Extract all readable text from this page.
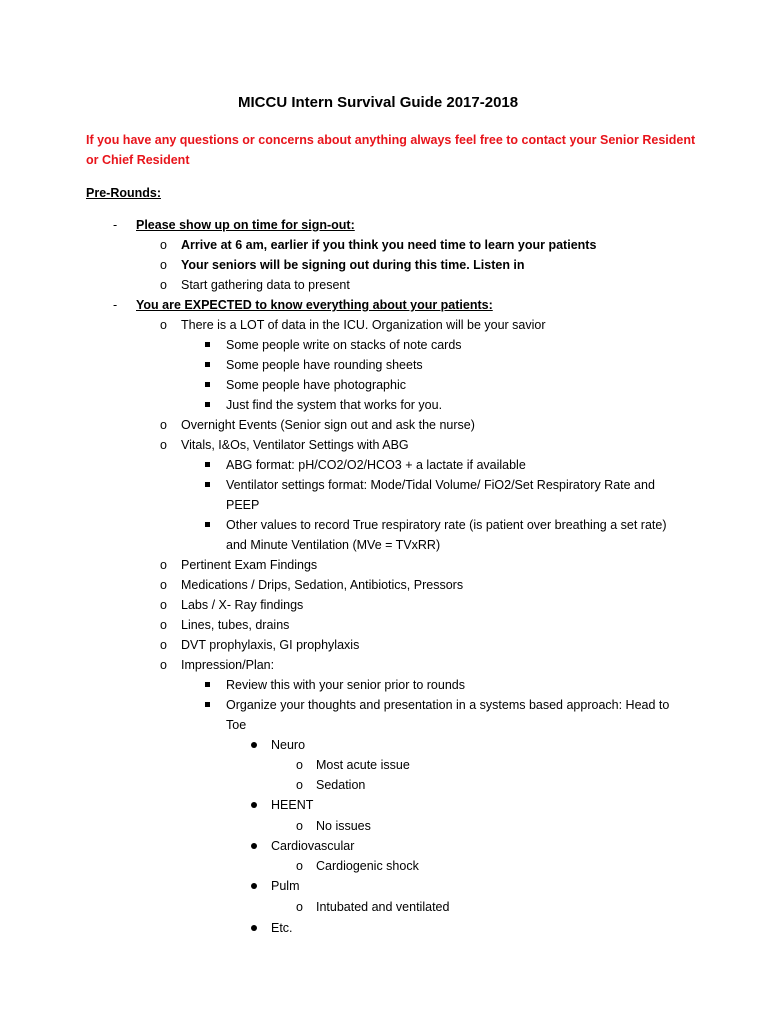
MICCU Intern Survival Guide 2017-2018
If you have any questions or concerns about anything always feel free to contact your Senior Resident
or Chief Resident
Pre-Rounds:
- Please show up on time for sign-out:
o Arrive at 6 am, earlier if you think you need time to learn your patients
o Your seniors will be signing out during this time. Listen in
o Start gathering data to present
- You are EXPECTED to know everything about your patients:
o There is a LOT of data in the ICU. Organization will be your savior
Some people write on stacks of note cards
Some people have rounding sheets
Some people have photographic
Just find the system that works for you.
o Overnight Events (Senior sign out and ask the nurse)
o Vitals, I&Os, Ventilator Settings with ABG
ABG format: pH/CO2/O2/HCO3 + a lactate if available
Ventilator settings format: Mode/Tidal Volume/ FiO2/Set Respiratory Rate and
PEEP
Other values to record True respiratory rate (is patient over breathing a set rate)
and Minute Ventilation (MVe = TVxRR)
o Pertinent Exam Findings
o Medications / Drips, Sedation, Antibiotics, Pressors
o Labs / X- Ray findings
o Lines, tubes, drains
o DVT prophylaxis, GI prophylaxis
o Impression/Plan:
Review this with your senior prior to rounds
Organize your thoughts and presentation in a systems based approach: Head to
Toe
Neuro
o Most acute issue
o Sedation
HEENT
o No issues
Cardiovascular
o Cardiogenic shock
Pulm
o Intubated and ventilated
Etc.
